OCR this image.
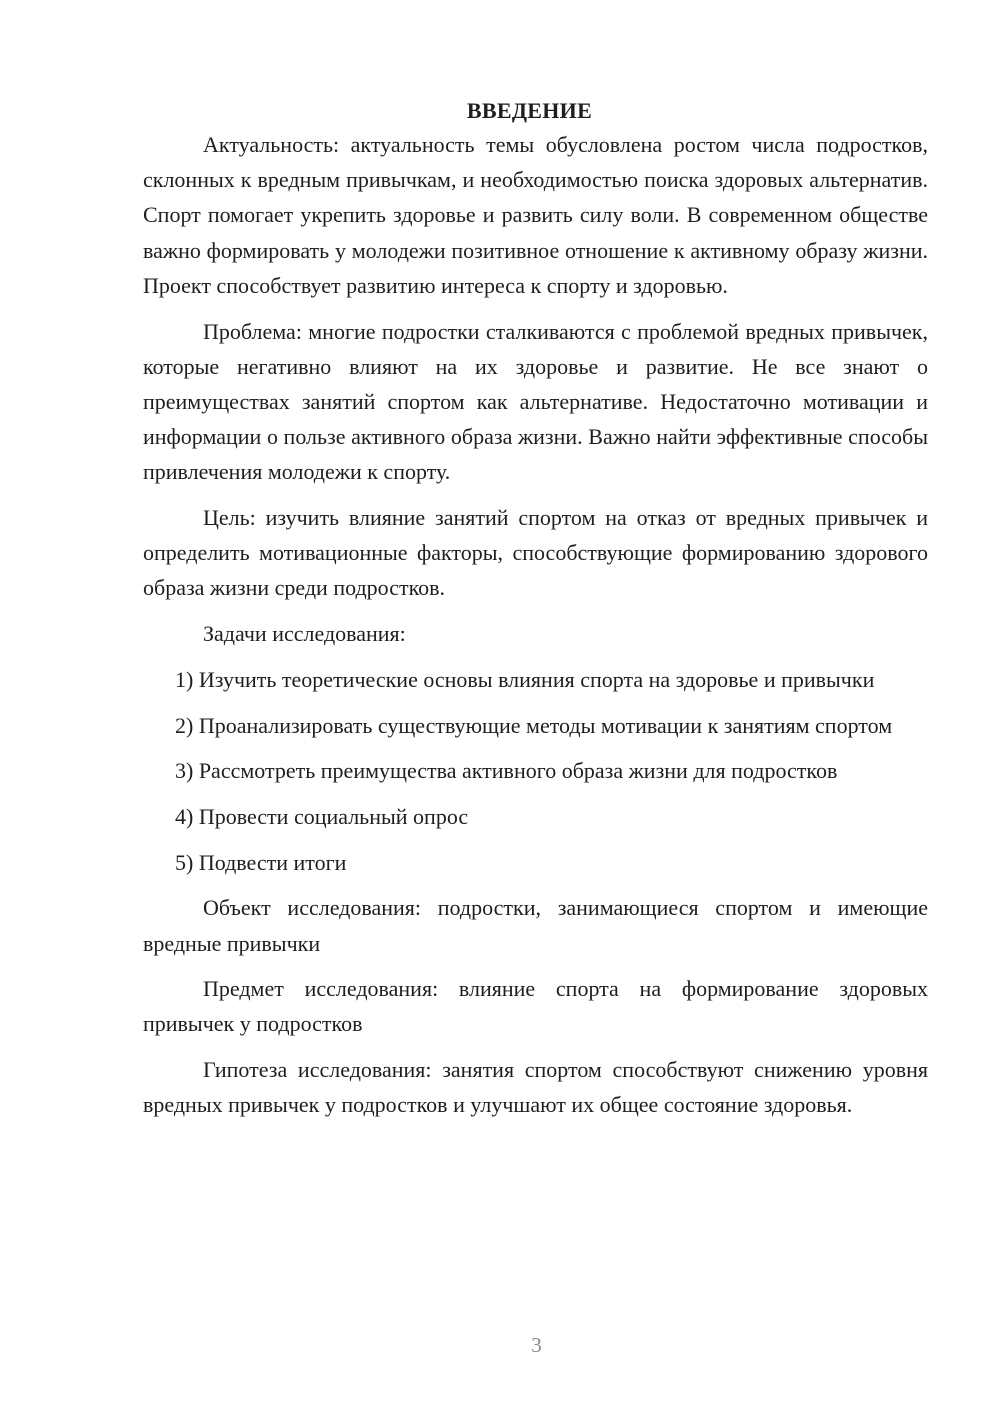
ВВЕДЕНИЕ

Актуальность: актуальность темы обусловлена ростом числа подростков, склонных к вредным привычкам, и необходимостью поиска здоровых альтернатив. Спорт помогает укрепить здоровье и развить силу воли. В современном обществе важно формировать у молодежи позитивное отношение к активному образу жизни. Проект способствует развитию интереса к спорту и здоровью.

Проблема: многие подростки сталкиваются с проблемой вредных привычек, которые негативно влияют на их здоровье и развитие. Не все знают о преимуществах занятий спортом как альтернативе. Недостаточно мотивации и информации о пользе активного образа жизни. Важно найти эффективные способы привлечения молодежи к спорту.

Цель: изучить влияние занятий спортом на отказ от вредных привычек и определить мотивационные факторы, способствующие формированию здорового образа жизни среди подростков.

Задачи исследования:

1) Изучить теоретические основы влияния спорта на здоровье и привычки

2) Проанализировать существующие методы мотивации к занятиям спортом

3) Рассмотреть преимущества активного образа жизни для подростков

4) Провести социальный опрос

5) Подвести итоги

Объект исследования: подростки, занимающиеся спортом и имеющие вредные привычки

Предмет исследования: влияние спорта на формирование здоровых привычек у подростков

Гипотеза исследования: занятия спортом способствуют снижению уровня вредных привычек у подростков и улучшают их общее состояние здоровья.

3
